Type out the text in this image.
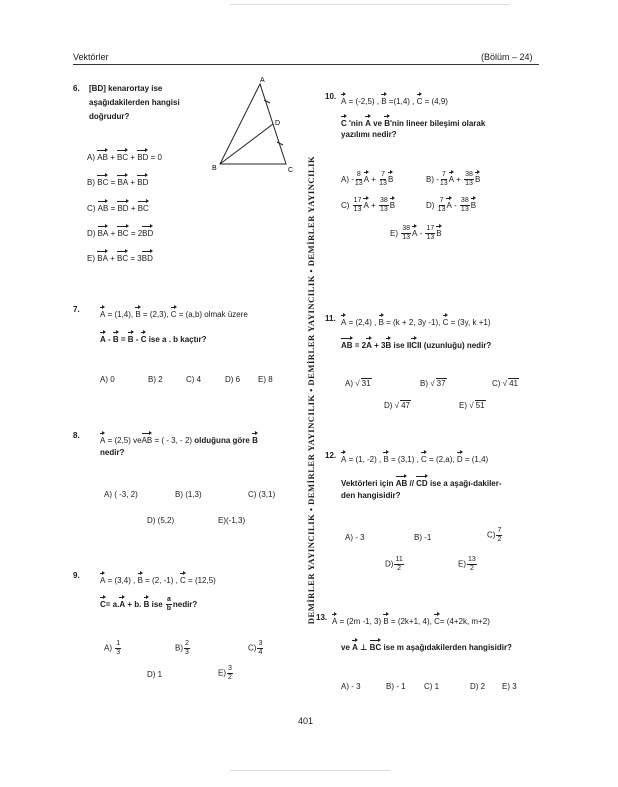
Vektörler	(Bölüm – 24)
DEMİRLER YAYINCILIK • DEMİRLER YAYINCILIK • DEMİRLER YAYINCILIK • DEMİRLER YAYINCILIK
6. [BD] kenarortay ise aşağıdakilerden hangisi doğrudur?
A
B	C
D
A) AB + BC + BD = 0
B) BC = BA + BD
C) AB = BD + BC
D) BA + BC = 2BD
E) BA + BC = 3BD
7.
A = (1,4), B = (2,3), C = (a,b) olmak üzere
A - B = B - C ise a . b kaçtır?
A) 0	B) 2	C) 4	D) 6 E) 8
8.
A = (2,5) veAB = ( - 3, - 2) olduğuna göre B
nedir?
A) ( -3, 2)	B) (1,3)	C) (3,1)
D) (5,2)	E)(-1,3)
9.
A = (3,4) , B = (2, -1) , C = (12,5)
C= a.A + b. B ise $\frac{a}{b}$ nedir?
$A) \frac{1}{3}$	$B) \frac{2}{3}$	$C) \frac{3}{4}$
D) 1	$E) \frac{3}{2}$
10.
A = (-2,5) , B =(1,4) , C = (4,9)
C 'nin A ve B'nin lineer bileşimi olarak
yazılımı nedir?
$A) - \frac{8}{13}$ $A + \frac{7}{13}$ B	$B) - \frac{7}{13}$ $A + \frac{38}{13}$ B
$C) \frac{17}{13}$ $A + \frac{38}{13}$ B	$D) \frac{7}{13}$ A - $\frac{38}{13}$ B
$E) \frac{38}{13}$ A - $\frac{17}{13}$ B
11. A = (2,4) , B = (k + 2, 3y -1), C = (3y, k +1)
AB = 2A + 3B ise IICII (uzunluğu) nedir?
A) √ 31	B) √ 37	C) √ 41
D) √ 47	E) √ 51
12. A = (1, -2) , B = (3,1) , C = (2,a), D = (1,4)
Vektörleri için AB // CD ise a aşağı-dakiler-
den hangisidir?
A) - 3	B) -1	$C) \frac{7}{2}$
$D) \frac{11}{2}$	$E) \frac{13}{2}$
13. A = (2m -1, 3) B = (2k+1, 4), C= (4+2k, m+2)
ve A ⊥ BC ise m aşağıdakilerden hangisidir?
A) - 3	B) - 1 C) 1	D) 2 E) 3
401
